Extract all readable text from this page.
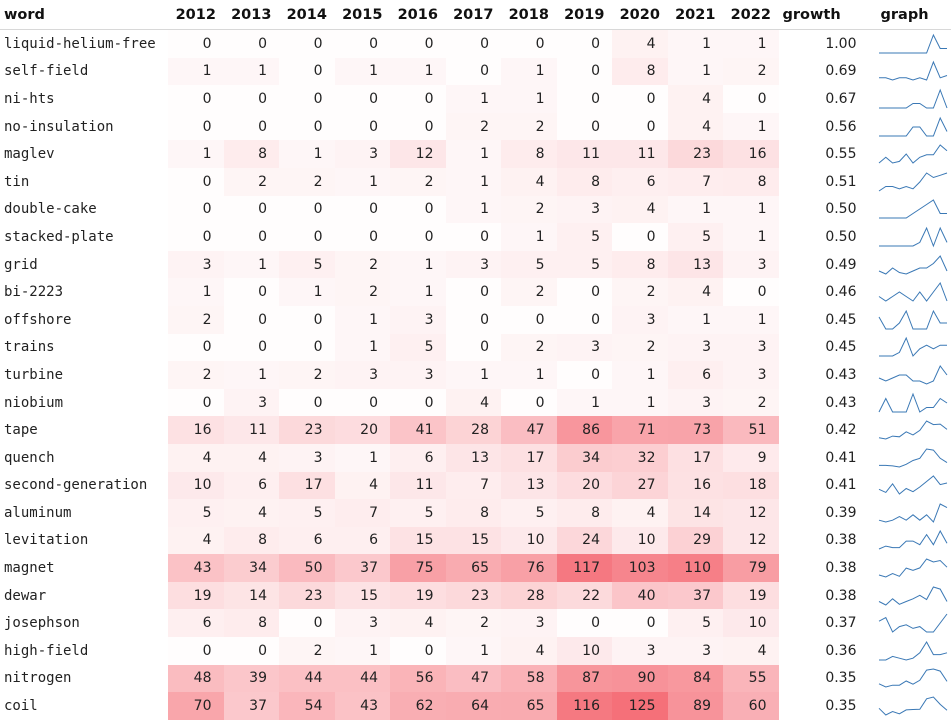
word	2012	2013	2014	2015	2016	2017	2018	2019	2020	2021	2022	growth	graph
liquid-helium-free	0	0	0	0	0	0	0	0	4	1	1	1.00	

self-field	1	1	0	1	1	0	1	0	8	1	2	0.69	

ni-hts	0	0	0	0	0	1	1	0	0	4	0	0.67	

no-insulation	0	0	0	0	0	2	2	0	0	4	1	0.56	

maglev	1	8	1	3	12	1	8	11	11	23	16	0.55	

tin	0	2	2	1	2	1	4	8	6	7	8	0.51	

double-cake	0	0	0	0	0	1	2	3	4	1	1	0.50	

stacked-plate	0	0	0	0	0	0	1	5	0	5	1	0.50	

grid	3	1	5	2	1	3	5	5	8	13	3	0.49	

bi-2223	1	0	1	2	1	0	2	0	2	4	0	0.46	

offshore	2	0	0	1	3	0	0	0	3	1	1	0.45	

trains	0	0	0	1	5	0	2	3	2	3	3	0.45	

turbine	2	1	2	3	3	1	1	0	1	6	3	0.43	

niobium	0	3	0	0	0	4	0	1	1	3	2	0.43	

tape	16	11	23	20	41	28	47	86	71	73	51	0.42	

quench	4	4	3	1	6	13	17	34	32	17	9	0.41	

second-generation	10	6	17	4	11	7	13	20	27	16	18	0.41	

aluminum	5	4	5	7	5	8	5	8	4	14	12	0.39	

levitation	4	8	6	6	15	15	10	24	10	29	12	0.38	

magnet	43	34	50	37	75	65	76	117	103	110	79	0.38	

dewar	19	14	23	15	19	23	28	22	40	37	19	0.38	

josephson	6	8	0	3	4	2	3	0	0	5	10	0.37	

high-field	0	0	2	1	0	1	4	10	3	3	4	0.36	

nitrogen	48	39	44	44	56	47	58	87	90	84	55	0.35	

coil	70	37	54	43	62	64	65	116	125	89	60	0.35	
